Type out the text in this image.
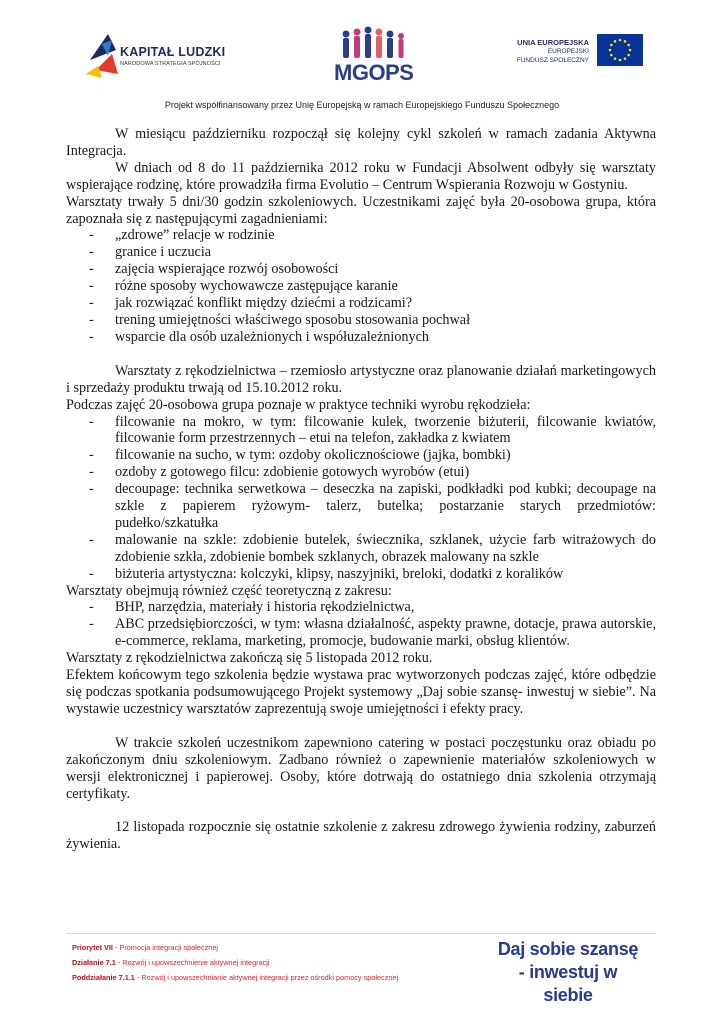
KAPITAŁ LUDZKI
NARODOWA STRATEGIA SPÓJNOŚCI	MGOPS
UNIA EUROPEJSKA
EUROPEJSKI
FUNDUSZ SPOŁECZNY
Projekt współfinansowany przez Unię Europejską w ramach Europejskiego Funduszu Społecznego

W miesiącu październiku rozpoczął się kolejny cykl szkoleń w ramach zadania Aktywna Integracja.

W dniach od 8 do 11 października 2012 roku w Fundacji Absolwent odbyły się warsztaty wspierające rodzinę, które prowadziła firma Evolutio – Centrum Wspierania Rozwoju w Gostyniu.

Warsztaty trwały 5 dni/30 godzin szkoleniowych. Uczestnikami zajęć była 20-osobowa grupa, która zapoznała się z następującymi zagadnieniami:

- „zdrowe” relacje w rodzinie
- granice i uczucia
- zajęcia wspierające rozwój osobowości
- różne sposoby wychowawcze zastępujące karanie
- jak rozwiązać konflikt między dziećmi a rodzicami?
- trening umiejętności właściwego sposobu stosowania pochwał
- wsparcie dla osób uzależnionych i współuzależnionych

Warsztaty z rękodzielnictwa – rzemiosło artystyczne oraz planowanie działań marketingowych i sprzedaży produktu trwają od 15.10.2012 roku.

Podczas zajęć 20-osobowa grupa poznaje w praktyce techniki wyrobu rękodzieła:

- filcowanie na mokro, w tym: filcowanie kulek, tworzenie biżuterii, filcowanie kwiatów, filcowanie form przestrzennych – etui na telefon, zakładka z kwiatem
- filcowanie na sucho, w tym: ozdoby okolicznościowe (jajka, bombki)
- ozdoby z gotowego filcu: zdobienie gotowych wyrobów (etui)
- decoupage: technika serwetkowa – deseczka na zapiski, podkładki pod kubki; decoupage na szkle z papierem ryżowym- talerz, butelka; postarzanie starych przedmiotów: pudełko/szkatułka
- malowanie na szkle: zdobienie butelek, świecznika, szklanek, użycie farb witrażowych do zdobienie szkła, zdobienie bombek szklanych, obrazek malowany na szkle
- biżuteria artystyczna: kolczyki, klipsy, naszyjniki, breloki, dodatki z koralików

Warsztaty obejmują również część teoretyczną z zakresu:

- BHP, narzędzia, materiały i historia rękodzielnictwa,
- ABC przedsiębiorczości, w tym: własna działalność, aspekty prawne, dotacje, prawa autorskie, e-commerce, reklama, marketing, promocje, budowanie marki, obsług klientów.

Warsztaty z rękodzielnictwa zakończą się 5 listopada 2012 roku.

Efektem końcowym tego szkolenia będzie wystawa prac wytworzonych podczas zajęć, które odbędzie się podczas spotkania podsumowującego Projekt systemowy „Daj sobie szansę- inwestuj w siebie”. Na wystawie uczestnicy warsztatów zaprezentują swoje umiejętności i efekty pracy.

W trakcie szkoleń uczestnikom zapewniono catering w postaci poczęstunku oraz obiadu po zakończonym dniu szkoleniowym. Zadbano również o zapewnienie materiałów szkoleniowych w wersji elektronicznej i papierowej. Osoby, które dotrwają do ostatniego dnia szkolenia otrzymają certyfikaty.

12 listopada rozpocznie się ostatnie szkolenie z zakresu zdrowego żywienia rodziny, zaburzeń żywienia.

Priorytet VII - Promocja integracji społecznej
Działanie 7.1 - Rozwój i upowszechnienie aktywnej integracji
Poddziałanie 7.1.1 - Rozwój i upowszechnianie aktywnej integracji przez ośrodki pomocy społecznej
Daj sobie szansę
- inwestuj w siebie
